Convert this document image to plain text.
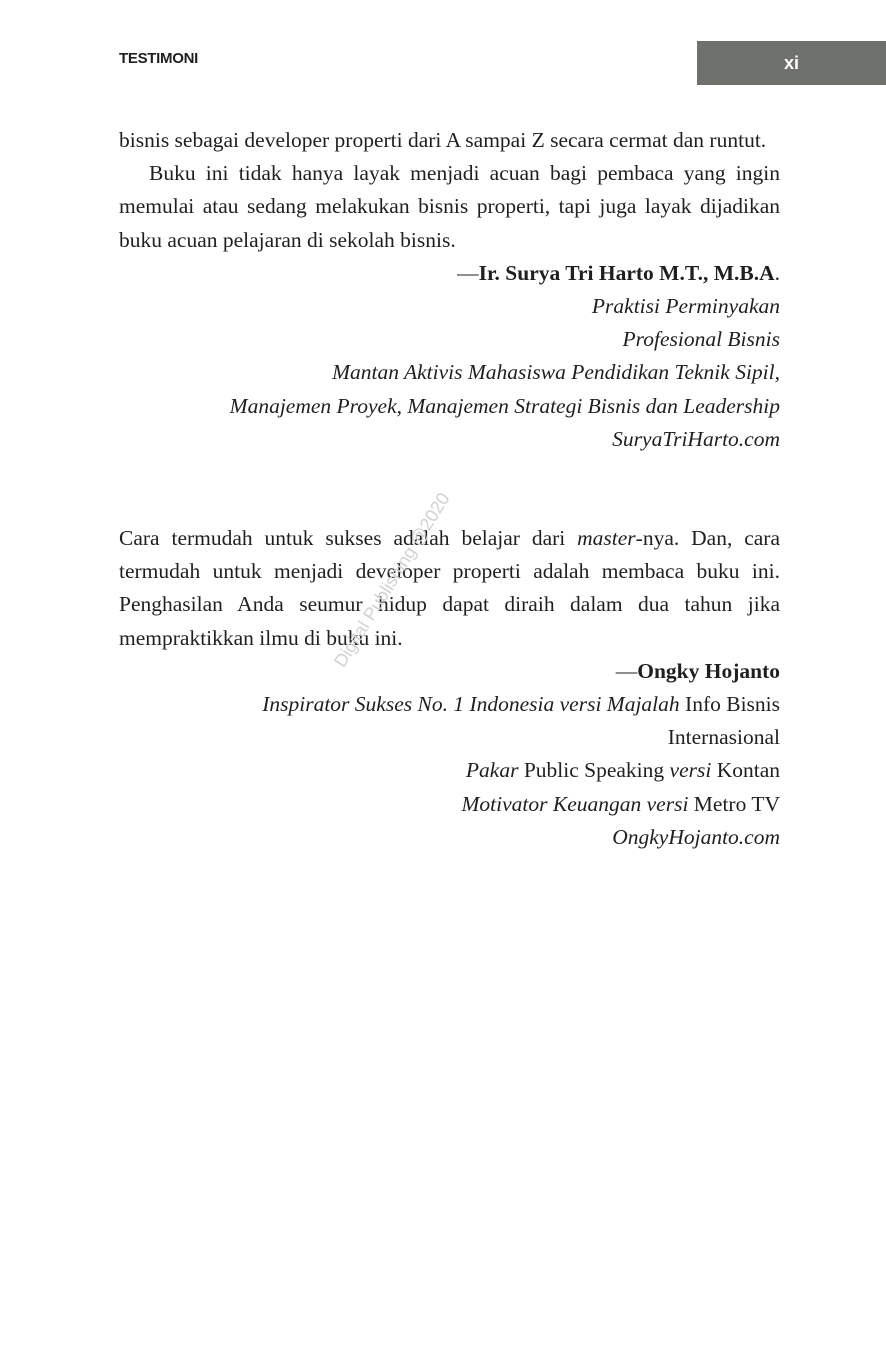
TESTIMONI	xi

bisnis sebagai developer properti dari A sampai Z secara cermat dan runtut.

Buku ini tidak hanya layak menjadi acuan bagi pembaca yang ingin memulai atau sedang melakukan bisnis properti, tapi juga layak dijadikan buku acuan pelajaran di sekolah bisnis.

—Ir. Surya Tri Harto M.T., M.B.A.
Praktisi Perminyakan
Profesional Bisnis
Mantan Aktivis Mahasiswa Pendidikan Teknik Sipil,
Manajemen Proyek, Manajemen Strategi Bisnis dan Leadership
SuryaTriHarto.com

Cara termudah untuk sukses adalah belajar dari master-nya. Dan, cara termudah untuk menjadi developer properti adalah membaca buku ini. Penghasilan Anda seumur hidup dapat diraih dalam dua tahun jika mempraktikkan ilmu di buku ini.

—Ongky Hojanto
Inspirator Sukses No. 1 Indonesia versi Majalah Info Bisnis
Internasional
Pakar Public Speaking versi Kontan
Motivator Keuangan versi Metro TV
OngkyHojanto.com
Digital Publishing @2020
